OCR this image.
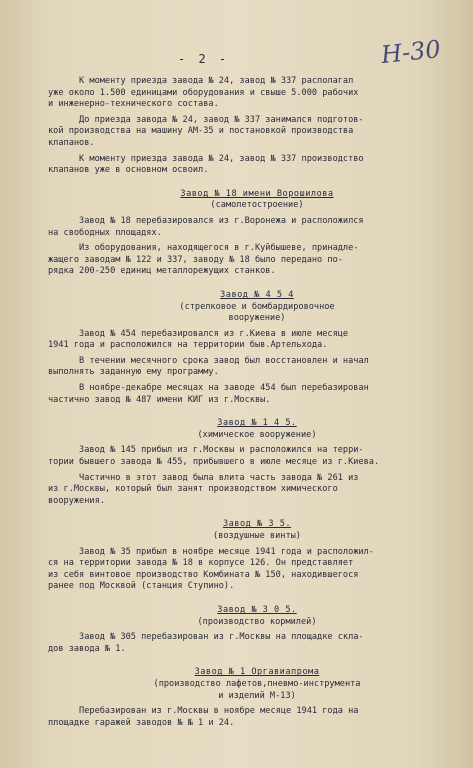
- 2 -	Н-30

К моменту приезда завода № 24, завод № 337 располагал
уже около 1.500 единицами оборудования и свыше 5.000 рабочих
и инженерно-технического состава.

До приезда завода № 24, завод № 337 занимался подготов-
кой производства на машину АМ-35 и постановкой производства
клапанов.

К моменту приезда завода № 24, завод № 337 производство
клапанов уже в основном освоил.

Завод № 18 имени Ворошилова
(самолетостроение)

Завод № 18 перебазировался из г.Воронежа и расположился
на свободных площадях.

Из оборудования, находящегося в г.Куйбышеве, принадле-
жащего заводам № 122 и 337, заводу № 18 было передано по-
рядка 200-250 единиц металлорежущих станков.

Завод № 4 5 4
(стрелковое и бомбардировочное
вооружение)

Завод № 454 перебазировался из г.Киева в июле месяце
1941 года и расположился на территории быв.Артельхода.

В течении месячного срока завод был восстановлен и начал
выполнять заданную ему программу.

В ноябре-декабре месяцах на заводе 454 был перебазирован
частично завод № 487 имени КИГ из г.Москвы.

Завод № 1 4 5.
(химическое вооружение)

Завод № 145 прибыл из г.Москвы и расположился на терри-
тории бывшего завода № 455, прибывшего в июле месяце из г.Киева.

Частично в этот завод была влита часть завода № 261 из
из г.Москвы, который был занят производством химического
вооружения.

Завод № 3 5.
(воздушные винты)

Завод № 35 прибыл в ноябре месяце 1941 года и расположил-
ся на территории завода № 18 в корпусе 126. Он представляет
из себя винтовое производство Комбината № 150, находившегося
ранее под Москвой (станция Ступино).

Завод № 3 0 5.
(производство кормилей)

Завод № 305 перебазирован из г.Москвы на площадке скла-
дов завода № 1.

Завод № 1 Оргавиапрома
(производство лафетов,пневмо-инструмента
и изделий М-13)

Перебазирован из г.Москвы в ноябре месяце 1941 года на
площадке гаражей заводов № № 1 и 24.
